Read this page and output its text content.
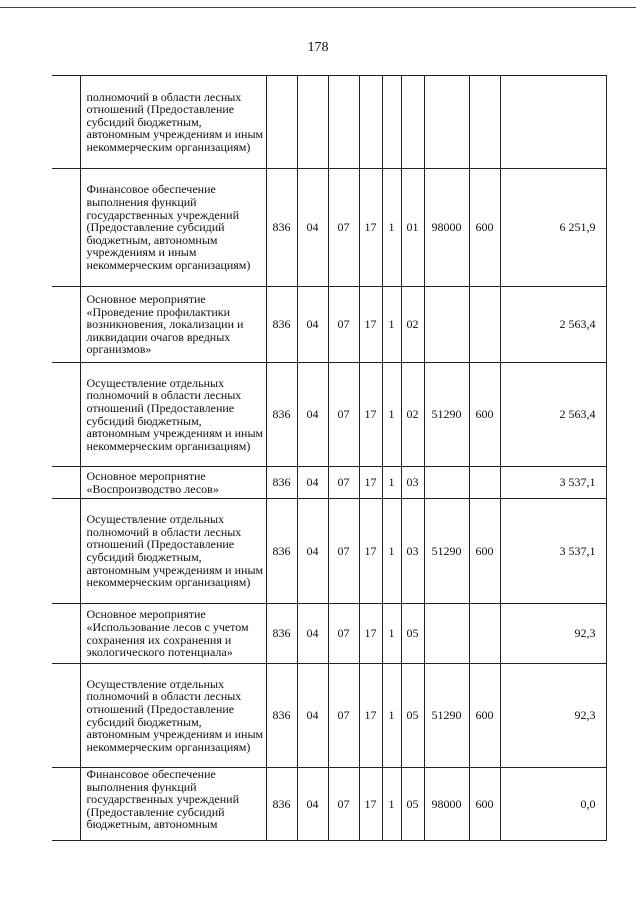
178
	полномочий в области лесных отношений (Предоставление субсидий бюджетным, автономным учреждениям и иным некоммерческим организациям)									
	Финансовое обеспечение выполнения функций государственных учреждений (Предоставление субсидий бюджетным, автономным учреждениям и иным некоммерческим организациям)	836	04	07	17	1	01	98000	600	6 251,9
	Основное мероприятие «Проведение профилактики возникновения, локализации и ликвидации очагов вредных организмов»	836	04	07	17	1	02			2 563,4
	Осуществление отдельных полномочий в области лесных отношений (Предоставление субсидий бюджетным, автономным учреждениям и иным некоммерческим организациям)	836	04	07	17	1	02	51290	600	2 563,4
	Основное мероприятие «Воспроизводство лесов»	836	04	07	17	1	03			3 537,1
	Осуществление отдельных полномочий в области лесных отношений (Предоставление субсидий бюджетным, автономным учреждениям и иным некоммерческим организациям)	836	04	07	17	1	03	51290	600	3 537,1
	Основное мероприятие «Использование лесов с учетом сохранения их сохранения и экологического потенциала»	836	04	07	17	1	05			92,3
	Осуществление отдельных полномочий в области лесных отношений (Предоставление субсидий бюджетным, автономным учреждениям и иным некоммерческим организациям)	836	04	07	17	1	05	51290	600	92,3
	Финансовое обеспечение выполнения функций государственных учреждений (Предоставление субсидий бюджетным, автономным	836	04	07	17	1	05	98000	600	0,0
